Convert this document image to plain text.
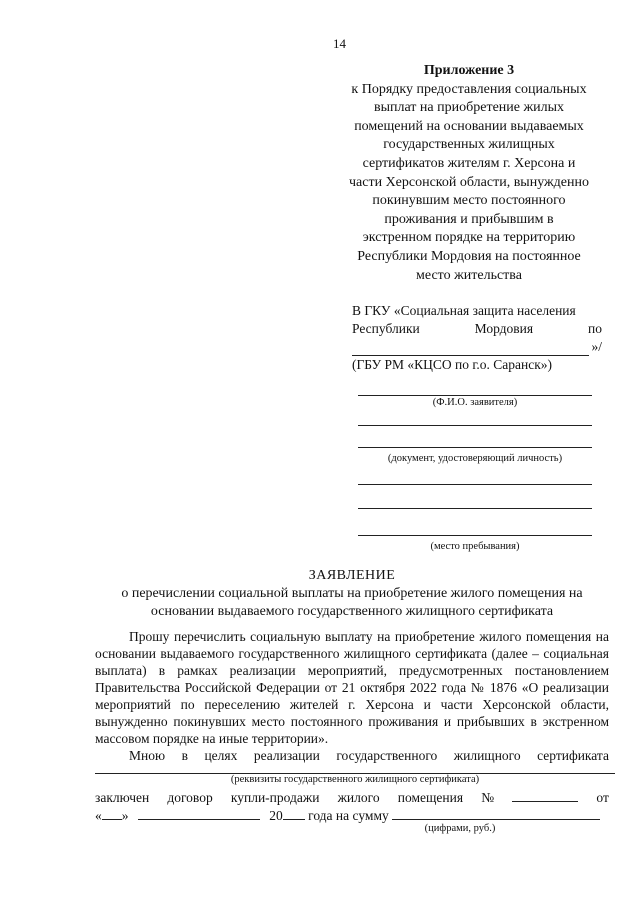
14
Приложение 3
к Порядку предоставления социальных
выплат на приобретение жилых
помещений на основании выдаваемых
государственных жилищных
сертификатов жителям г. Херсона и
части Херсонской области, вынужденно
покинувшим место постоянного
проживания и прибывшим в
экстренном порядке на территорию
Республики Мордовия на постоянное
место жительства
В ГКУ «Социальная защита населения
Республики	Мордовия	по
»/
(ГБУ РМ «КЦСО по г.о. Саранск»)
(Ф.И.О. заявителя)
(документ, удостоверяющий личность)
(место пребывания)
ЗАЯВЛЕНИЕ
о перечислении социальной выплаты на приобретение жилого помещения на
основании выдаваемого государственного жилищного сертификата

Прошу перечислить социальную выплату на приобретение жилого помещения на основании выдаваемого государственного жилищного сертификата (далее – социальная выплата) в рамках реализации мероприятий, предусмотренных постановлением Правительства Российской Федерации от 21 октября 2022 года № 1876 «О реализации мероприятий по переселению жителей г. Херсона и части Херсонской области, вынужденно покинувших место постоянного проживания и прибывших в экстренном массовом порядке на иные территории».

Мною в целях реализации государственного жилищного сертификата

(реквизиты государственного жилищного сертификата)
заключен договор купли-продажи жилого помещения №	от
« »	20 года на сумму
(цифрами, руб.)
